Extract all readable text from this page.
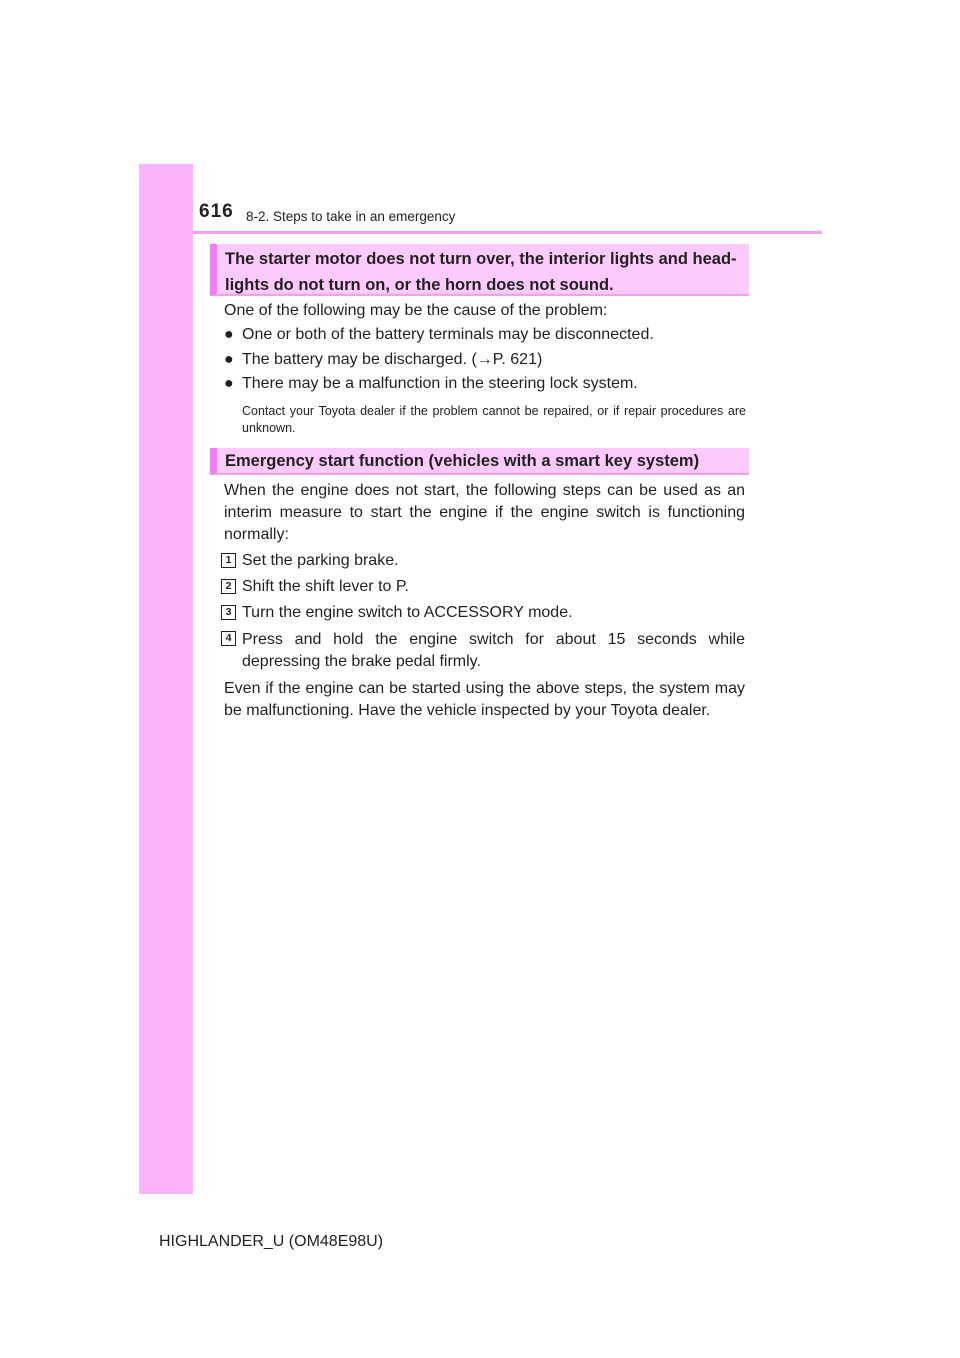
616 8-2. Steps to take in an emergency
The starter motor does not turn over, the interior lights and head-lights do not turn on, or the horn does not sound.
One of the following may be the cause of the problem:
● One or both of the battery terminals may be disconnected.
● The battery may be discharged. (→P. 621)
● There may be a malfunction in the steering lock system.
Contact your Toyota dealer if the problem cannot be repaired, or if repair procedures are unknown.
Emergency start function (vehicles with a smart key system)
When the engine does not start, the following steps can be used as an interim measure to start the engine if the engine switch is functioning normally:
1 Set the parking brake.
2 Shift the shift lever to P.
3 Turn the engine switch to ACCESSORY mode.
4 Press and hold the engine switch for about 15 seconds while depressing the brake pedal firmly.
Even if the engine can be started using the above steps, the system may be malfunctioning. Have the vehicle inspected by your Toyota dealer.
HIGHLANDER_U (OM48E98U)
